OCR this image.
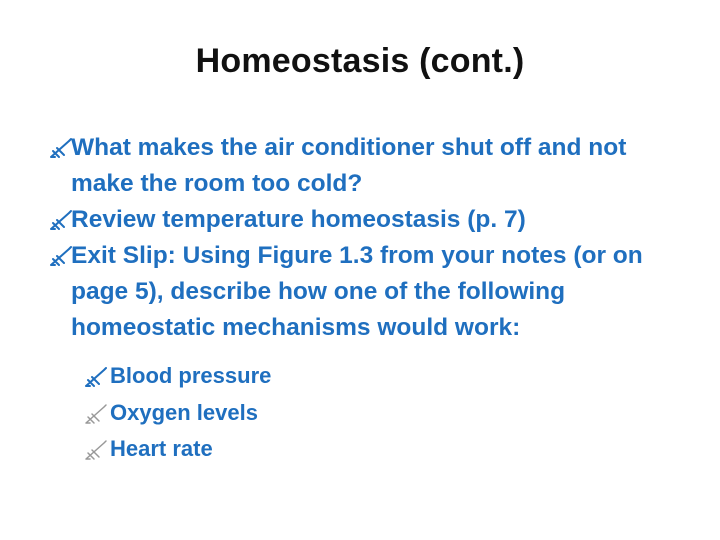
Homeostasis (cont.)
What makes the air conditioner shut off and not make the room too cold?
Review temperature homeostasis (p. 7)
Exit Slip: Using Figure 1.3 from your notes (or on page 5), describe how one of the following homeostatic mechanisms would work:
Blood pressure
Oxygen levels
Heart rate
